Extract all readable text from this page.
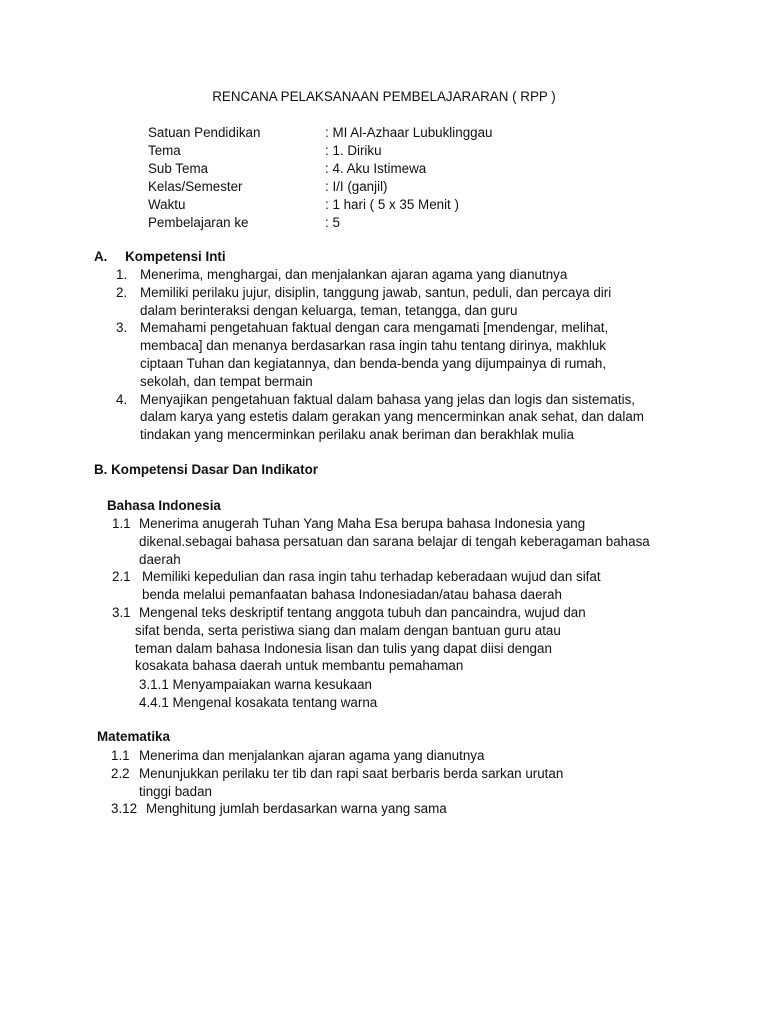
RENCANA PELAKSANAAN PEMBELAJARARAN ( RPP )
Satuan Pendidikan	: MI Al-Azhaar Lubuklinggau
Tema	: 1. Diriku
Sub Tema	: 4. Aku Istimewa
Kelas/Semester	: I/I (ganjil)
Waktu	: 1 hari ( 5 x 35 Menit )
Pembelajaran ke	: 5
A. Kompetensi Inti
1. Menerima, menghargai, dan menjalankan ajaran agama yang dianutnya
2. Memiliki perilaku jujur, disiplin, tanggung jawab, santun, peduli, dan percaya diri
dalam berinteraksi dengan keluarga, teman, tetangga, dan guru
3. Memahami pengetahuan faktual dengan cara mengamati [mendengar, melihat,
membaca] dan menanya berdasarkan rasa ingin tahu tentang dirinya, makhluk
ciptaan Tuhan dan kegiatannya, dan benda-benda yang dijumpainya di rumah,
sekolah, dan tempat bermain
4. Menyajikan pengetahuan faktual dalam bahasa yang jelas dan logis dan sistematis,
dalam karya yang estetis dalam gerakan yang mencerminkan anak sehat, dan dalam
tindakan yang mencerminkan perilaku anak beriman dan berakhlak mulia
B. Kompetensi Dasar Dan Indikator
Bahasa Indonesia
1.1 Menerima anugerah Tuhan Yang Maha Esa berupa bahasa Indonesia yang
dikenal.sebagai bahasa persatuan dan sarana belajar di tengah keberagaman bahasa
daerah
2.1 Memiliki kepedulian dan rasa ingin tahu terhadap keberadaan wujud dan sifat
benda melalui pemanfaatan bahasa Indonesiadan/atau bahasa daerah
3.1 Mengenal teks deskriptif tentang anggota tubuh dan pancaindra, wujud dan
sifat benda, serta peristiwa siang dan malam dengan bantuan guru atau
teman dalam bahasa Indonesia lisan dan tulis yang dapat diisi dengan
kosakata bahasa daerah untuk membantu pemahaman
3.1.1 Menyampaiakan warna kesukaan
4.4.1 Mengenal kosakata tentang warna
Matematika
1.1 Menerima dan menjalankan ajaran agama yang dianutnya
2.2 Menunjukkan perilaku ter tib dan rapi saat berbaris berda sarkan urutan
tinggi badan
3.12 Menghitung jumlah berdasarkan warna yang sama
